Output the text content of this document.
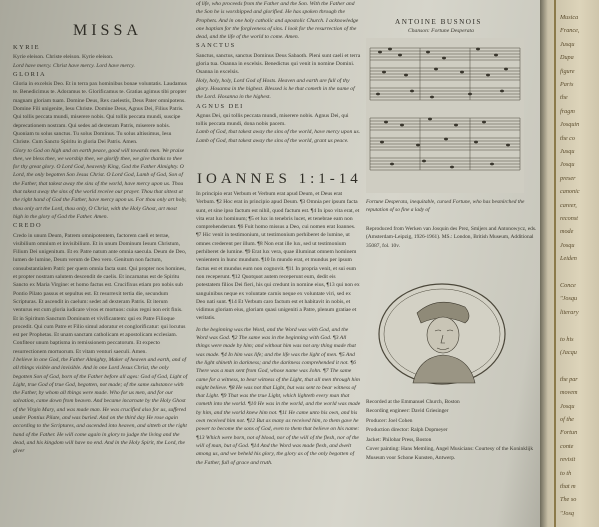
MISSA
KYRIE

Kyrie eleison. Christe eleison. Kyrie eleison.

Lord have mercy. Christ have mercy. Lord have mercy.

GLORIA

Gloria in excelsis Deo. Et in terra pax hominibus bonae voluntatis. Laudamus te. Benedicimus te. Adoramus te. Glorificamus te. Gratias agimus tibi propter magnam gloriam tuam. Domine Deus, Rex caelestis, Deus Pater omnipotens. Domine Fili unigenite, Iesu Christe. Domine Deus, Agnus Dei, Filius Patris. Qui tollis peccata mundi, miserere nobis. Qui tollis peccata mundi, suscipe deprecationem nostram. Qui sedes ad dexteram Patris, miserere nobis. Quoniam tu solus sanctus. Tu solus Dominus. Tu solus altissimus, Iesu Christe. Cum Sancto Spiritu in gloria Dei Patris. Amen.

Glory to God on high and on earth peace, good will towards men. We praise thee, we bless thee, we worship thee, we glorify thee, we give thanks to thee for thy great glory. O Lord God, heavenly King, God the Father Almighty. O Lord, the only begotten Son Jesus Christ. O Lord God, Lamb of God, Son of the Father, that takest away the sins of the world, have mercy upon us. Thou that takest away the sins of the world receive our prayer. Thou that sittest at the right hand of God the Father, have mercy upon us. For thou only art holy, thou only art the Lord, thou only, O Christ, with the Holy Ghost, art most high in the glory of God the Father. Amen.

CREDO

Credo in unum Deum, Patrem omnipotentem, factorem caeli et terrae, visibilium omnium et invisibilium. Et in unum Dominum Iesum Christum, Filium Dei unigenitum. Et ex Patre natum ante omnia saecula. Deum de Deo, lumen de lumine, Deum verum de Deo vero. Genitum non factum, consubstantialem Patri: per quem omnia facta sunt. Qui propter nos homines, et propter nostram salutem descendit de caelis. Et incarnatus est de Spiritu Sancto ex Maria Virgine: et homo factus est. Crucifixus etiam pro nobis sub Pontio Pilato passus et sepultus est. Et resurrexit tertia die, secundum Scripturas. Et ascendit in caelum: sedet ad dexteram Patris. Et iterum venturus est cum gloria iudicare vivos et mortuos: cuius regni non erit finis. Et in Spiritum Sanctum Dominum et vivificantem: qui ex Patre Filioque procedit. Qui cum Patre et Filio simul adoratur et conglorificatur: qui locutus est per Prophetas. Et unam sanctam catholicam et apostolicam ecclesiam. Confiteor unum baptisma in remissionem peccatorum. Et expecto resurrectionem mortuorum. Et vitam venturi saeculi. Amen.

I believe in one God, the Father Almighty, Maker of heaven and earth, and of all things visible and invisible. And in one Lord Jesus Christ, the only begotten Son of God, born of the Father before all ages: God of God, Light of Light, true God of true God, begotten, not made; of the same substance with the Father, by whom all things were made. Who for us men, and for our salvation, came down from heaven. And became incarnate by the Holy Ghost of the Virgin Mary, and was made man. He was crucified also for us, suffered under Pontius Pilate, and was buried. And on the third day He rose again according to the Scriptures, and ascended into heaven, and sitteth at the right hand of the Father. He will come again in glory to judge the living and the dead, and his kingdom will have no end. And in the Holy Spirit, the Lord, the giver

of life, who proceeds from the Father and the Son. With the Father and the Son he is worshipped and glorified. He has spoken through the Prophets. And in one holy catholic and apostolic Church. I acknowledge one baptism for the forgiveness of sins. I look for the resurrection of the dead, and the life of the world to come. Amen.

SANCTUS

Sanctus, sanctus, sanctus Dominus Deus Sabaoth. Pleni sunt caeli et terra gloria tua. Osanna in excelsis. Benedictus qui venit in nomine Domini. Osanna in excelsis.

Holy, holy, holy, Lord God of Hosts. Heaven and earth are full of thy glory. Hosanna in the highest. Blessed is he that cometh in the name of the Lord. Hosanna in the highest.

AGNUS DEI

Agnus Dei, qui tollis peccata mundi, miserere nobis. Agnus Dei, qui tollis peccata mundi, dona nobis pacem.

Lamb of God, that takest away the sins of the world, have mercy upon us. Lamb of God, that takest away the sins of the world, grant us peace.

IOANNES 1:1-14

In principio erat Verbum et Verbum erat apud Deum, et Deus erat Verbum. ¶2 Hoc erat in principio apud Deum. ¶3 Omnia per ipsum facta sunt, et sine ipso factum est nihil, quod factum est. ¶4 In ipso vita erat, et vita erat lux hominum; ¶5 et lux in tenebris lucet, et tenebrae eam non comprehenderunt. ¶6 Fuit homo missus a Deo, cui nomen erat Ioannes. ¶7 Hic venit in testimonium, ut testimonium perhiberet de lumine, ut omnes crederent per illum. ¶8 Non erat ille lux, sed ut testimonium perhiberet de lumine. ¶9 Erat lux vera, quae illuminat omnem hominem venientem in hunc mundum. ¶10 In mundo erat, et mundus per ipsum factus est et mundus eum non cognovit. ¶11 In propria venit, et sui eum non receperunt. ¶12 Quotquot autem receperunt eum, dedit eis potestatem filios Dei fieri, his qui credunt in nomine eius, ¶13 qui non ex sanguinibus neque ex voluntate carnis neque ex voluntate viri, sed ex Deo nati sunt. ¶14 Et Verbum caro factum est et habitavit in nobis, et vidimus gloriam eius, gloriam quasi unigeniti a Patre, plenum gratiae et veritatis.

In the beginning was the Word, and the Word was with God, and the Word was God. ¶2 The same was in the beginning with God. ¶3 All things were made by him; and without him was not any thing made that was made. ¶4 In him was life; and the life was the light of men. ¶5 And the light shineth in darkness; and the darkness comprehended it not. ¶6 There was a man sent from God, whose name was John. ¶7 The same came for a witness, to bear witness of the Light, that all men through him might believe. ¶8 He was not that Light, but was sent to bear witness of that Light. ¶9 That was the true Light, which lighteth every man that cometh into the world. ¶10 He was in the world, and the world was made by him, and the world knew him not. ¶11 He came unto his own, and his own received him not. ¶12 But as many as received him, to them gave he power to become the sons of God, even to them that believe on his name: ¶13 Which were born, not of blood, nor of the will of the flesh, nor of the will of man, but of God. ¶14 And the Word was made flesh, and dwelt among us, and we beheld his glory, the glory as of the only begotten of the Father, full of grace and truth.

ANTOINE BUSNOIS
Chanson: Fortune Desperata
Fortune Desperata, inequitable, cursed Fortune, who has besmirched the reputation of so fine a lady of
Reproduced from Werken van Josquin des Prez, Smijers and Antonowycz, eds. (Amsterdam-Leipzig, 1926-1961). MS.: London, British Museum, Additional 35087, fol. 10v.

Recorded at the Emmanuel Church, Boston

Recording engineer: David Griesinger

Producer: Joel Cohen

Production director: Ralph Dopmeyer

Jacket: Philobar Press, Boston

Cover painting: Hans Memling, Angel Musicians: Courtesy of the Koninklijk Museum voor Schone Kunsten, Antwerp.

Musica
France,
Jusqu
Dupa
figure
Paris
the
fragm
Josquin
the co
Jusqu
Josqu
preser
canonic
career,
reconst
mode
Josqu
Leiden
Conce
"Josqu
literary
to his
(Jacqu
the par
movem
Josqu
of the
Fortun
conte
revisit
to th
that m
The so
"Josq
